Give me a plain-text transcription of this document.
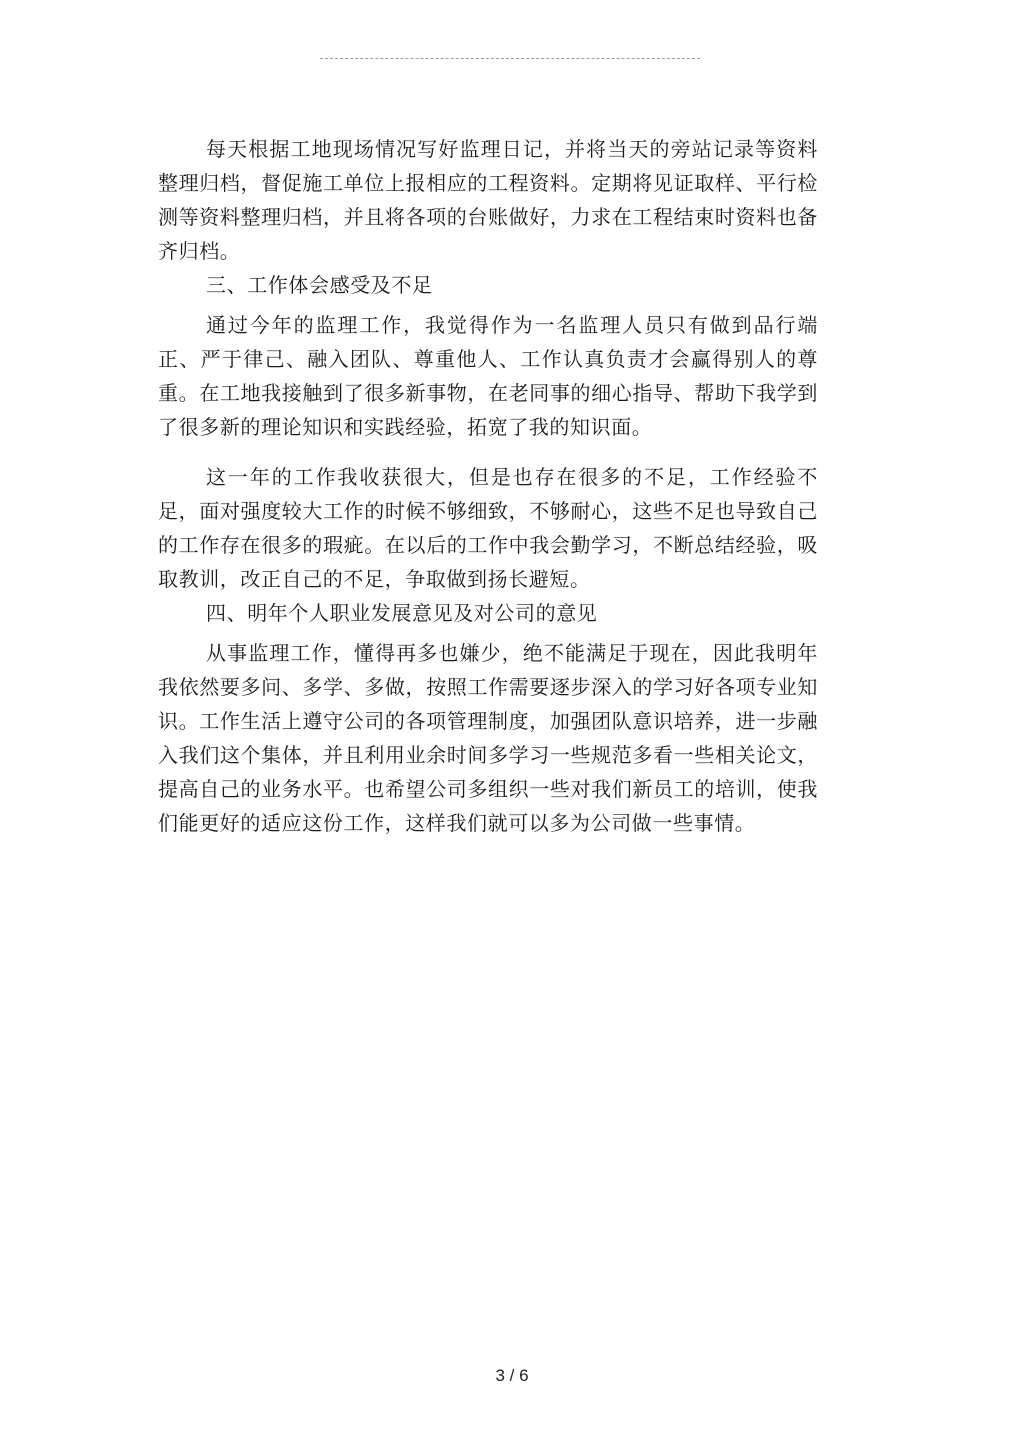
每天根据工地现场情况写好监理日记，并将当天的旁站记录等资料整理归档，督促施工单位上报相应的工程资料。定期将见证取样、平行检测等资料整理归档，并且将各项的台账做好，力求在工程结束时资料也备齐归档。

三、工作体会感受及不足

通过今年的监理工作，我觉得作为一名监理人员只有做到品行端正、严于律己、融入团队、尊重他人、工作认真负责才会赢得别人的尊重。在工地我接触到了很多新事物，在老同事的细心指导、帮助下我学到了很多新的理论知识和实践经验，拓宽了我的知识面。

这一年的工作我收获很大，但是也存在很多的不足，工作经验不足，面对强度较大工作的时候不够细致，不够耐心，这些不足也导致自己的工作存在很多的瑕疵。在以后的工作中我会勤学习，不断总结经验，吸取教训，改正自己的不足，争取做到扬长避短。

四、明年个人职业发展意见及对公司的意见

从事监理工作，懂得再多也嫌少，绝不能满足于现在，因此我明年我依然要多问、多学、多做，按照工作需要逐步深入的学习好各项专业知识。工作生活上遵守公司的各项管理制度，加强团队意识培养，进一步融入我们这个集体，并且利用业余时间多学习一些规范多看一些相关论文，提高自己的业务水平。也希望公司多组织一些对我们新员工的培训，使我们能更好的适应这份工作，这样我们就可以多为公司做一些事情。

3 / 6
